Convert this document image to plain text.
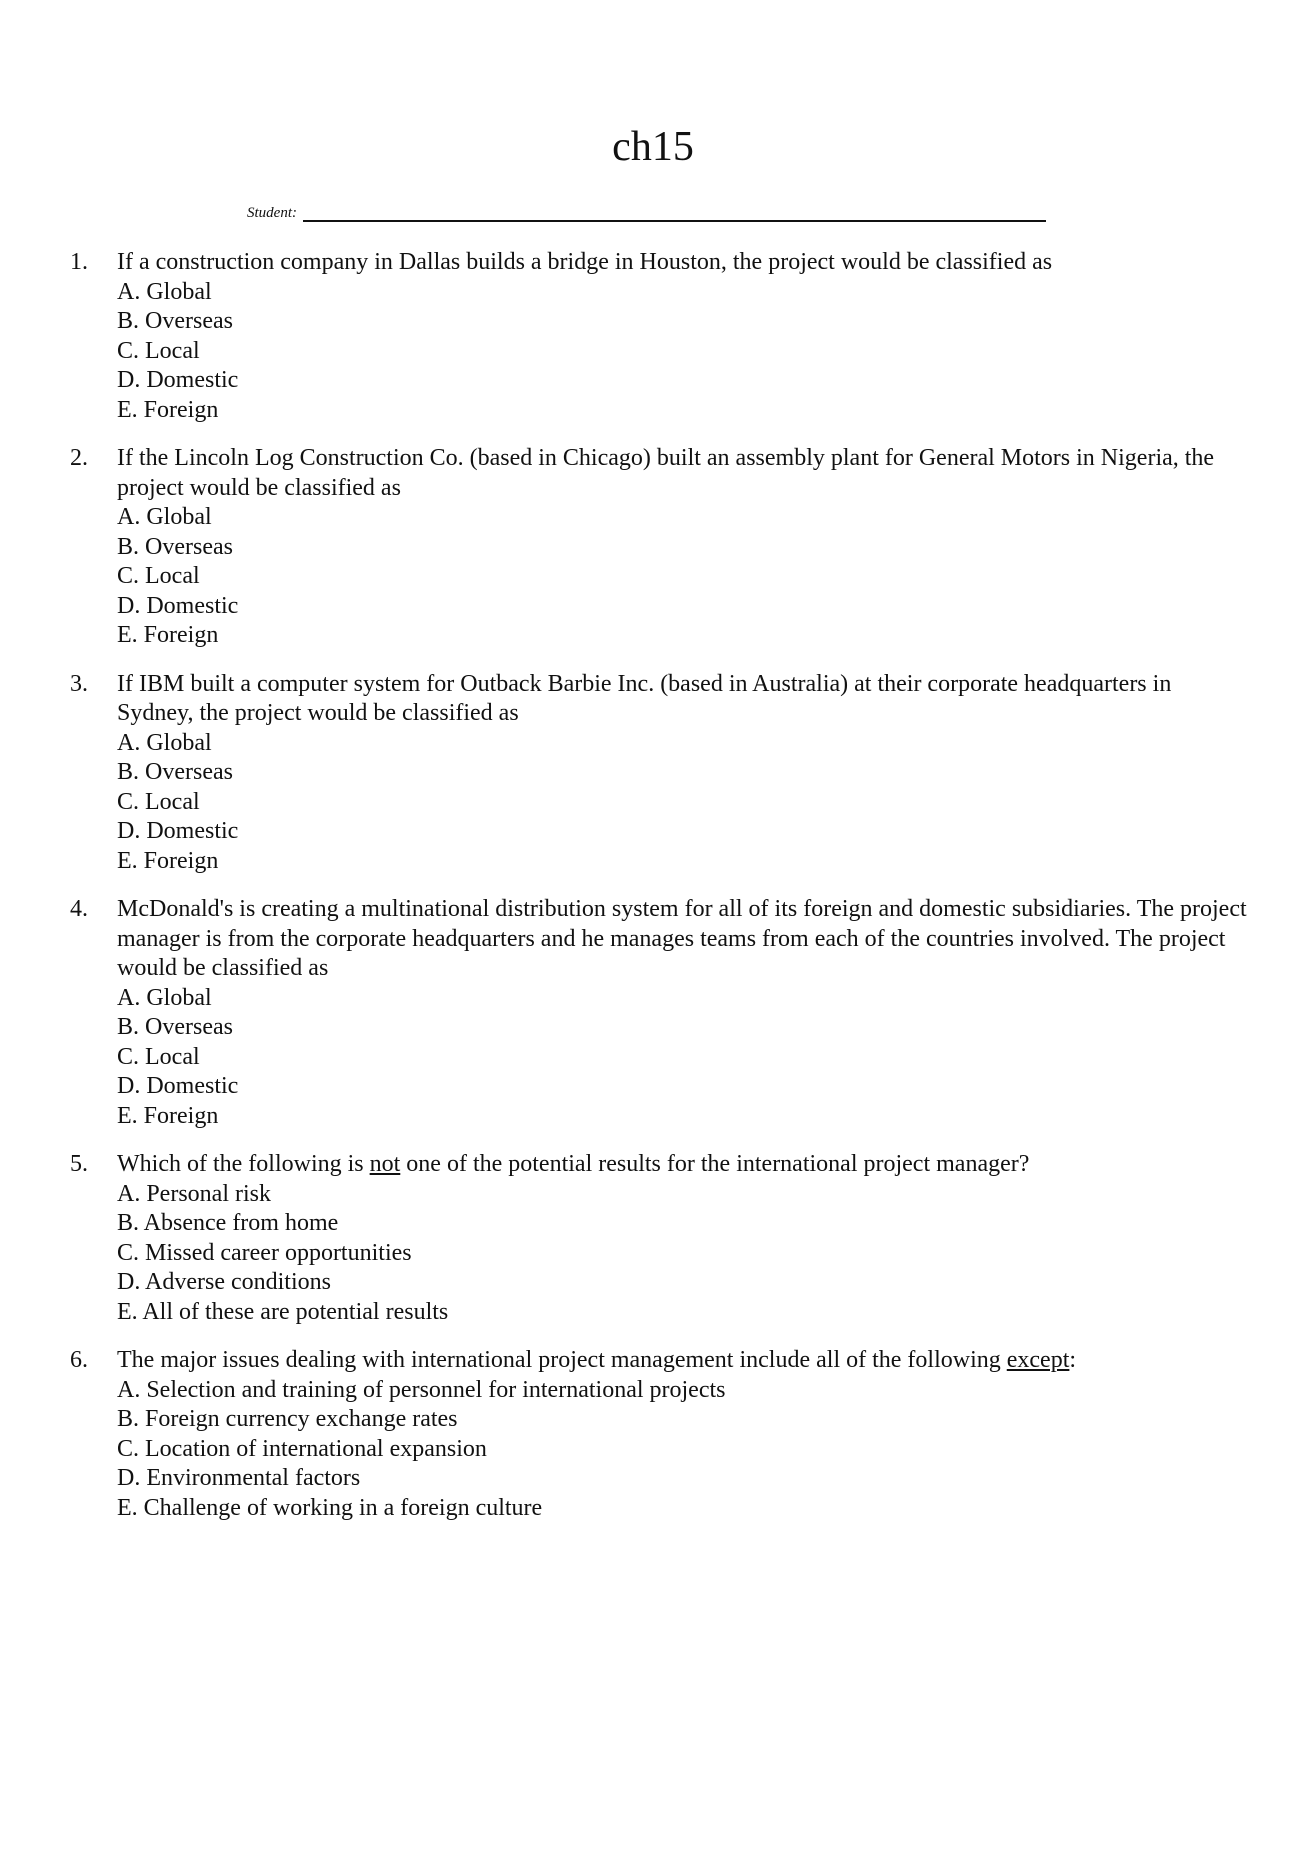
ch15
Student:
1. If a construction company in Dallas builds a bridge in Houston, the project would be classified as
A. Global
B. Overseas
C. Local
D. Domestic
E. Foreign
2. If the Lincoln Log Construction Co. (based in Chicago) built an assembly plant for General Motors in Nigeria, the project would be classified as
A. Global
B. Overseas
C. Local
D. Domestic
E. Foreign
3. If IBM built a computer system for Outback Barbie Inc. (based in Australia) at their corporate headquarters in Sydney, the project would be classified as
A. Global
B. Overseas
C. Local
D. Domestic
E. Foreign
4. McDonald's is creating a multinational distribution system for all of its foreign and domestic subsidiaries. The project manager is from the corporate headquarters and he manages teams from each of the countries involved. The project would be classified as
A. Global
B. Overseas
C. Local
D. Domestic
E. Foreign
5. Which of the following is not one of the potential results for the international project manager?
A. Personal risk
B. Absence from home
C. Missed career opportunities
D. Adverse conditions
E. All of these are potential results
6. The major issues dealing with international project management include all of the following except:
A. Selection and training of personnel for international projects
B. Foreign currency exchange rates
C. Location of international expansion
D. Environmental factors
E. Challenge of working in a foreign culture
